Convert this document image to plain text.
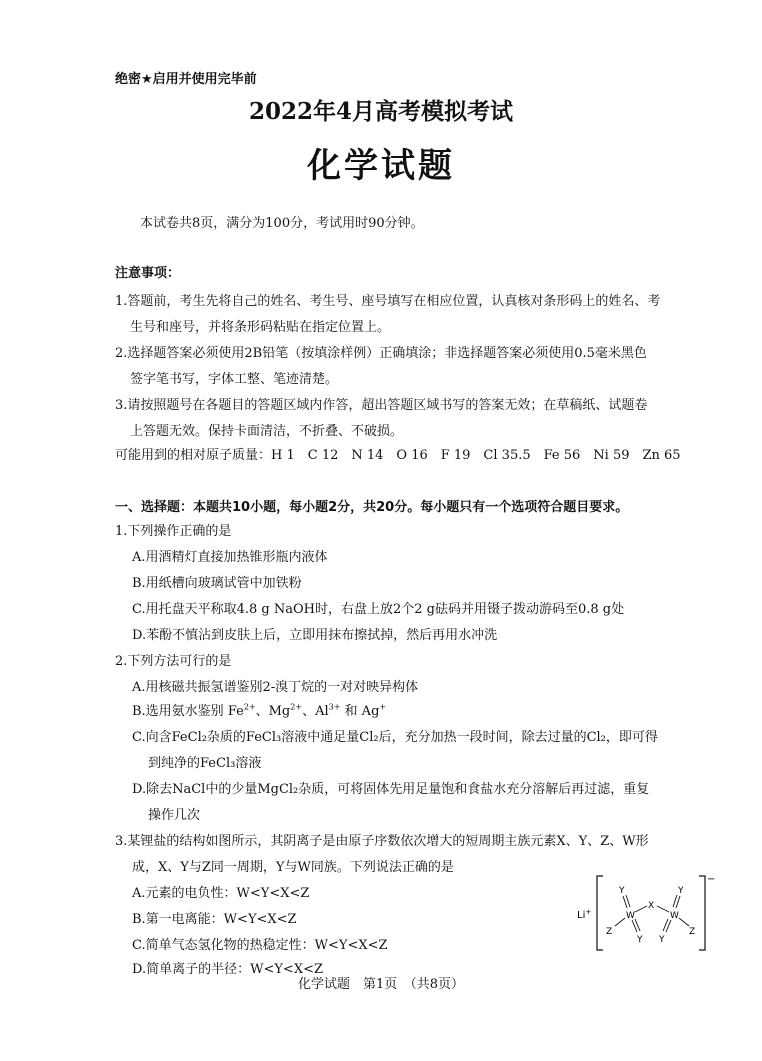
绝密★启用并使用完毕前
2022年4月高考模拟考试
化学试题
本试卷共8页，满分为100分，考试用时90分钟。
注意事项：
1.答题前，考生先将自己的姓名、考生号、座号填写在相应位置，认真核对条形码上的姓名、考
生号和座号，并将条形码粘贴在指定位置上。
2.选择题答案必须使用2B铅笔（按填涂样例）正确填涂；非选择题答案必须使用0.5毫米黑色
签字笔书写，字体工整、笔迹清楚。
3.请按照题号在各题目的答题区域内作答，超出答题区域书写的答案无效；在草稿纸、试题卷
上答题无效。保持卡面清洁，不折叠、不破损。
可能用到的相对原子质量：H 1　C 12　N 14　O 16　F 19　Cl 35.5　Fe 56　Ni 59　Zn 65
一、选择题：本题共10小题，每小题2分，共20分。每小题只有一个选项符合题目要求。
1.下列操作正确的是
A.用酒精灯直接加热锥形瓶内液体
B.用纸槽向玻璃试管中加铁粉
C.用托盘天平称取4.8 g NaOH时，右盘上放2个2 g砝码并用镊子拨动游码至0.8 g处
D.苯酚不慎沾到皮肤上后，立即用抹布擦拭掉，然后再用水冲洗
2.下列方法可行的是
A.用核磁共振氢谱鉴别2-溴丁烷的一对对映异构体
B.选用氨水鉴别 $Fe^{2+}$、$Mg^{2+}$、$Al^{3+}$ 和 Ag+
C.向含FeCl₂杂质的FeCl₃溶液中通足量Cl₂后，充分加热一段时间，除去过量的Cl₂，即可得
到纯净的FeCl₃溶液
D.除去NaCl中的少量MgCl₂杂质，可将固体先用足量饱和食盐水充分溶解后再过滤，重复
操作几次
3.某锂盐的结构如图所示，其阴离子是由原子序数依次增大的短周期主族元素X、Y、Z、W形
成，X、Y与Z同一周期，Y与W同族。下列说法正确的是
A.元素的电负性：W<Y<X<Z
B.第一电离能：W<Y<X<Z
C.简单气态氢化物的热稳定性：W<Y<X<Z
D.简单离子的半径：W<Y<X<Z
Li+
−
W
X
W
Y	Y
Y Y
Z	Z
化学试题　第1页　（共8页）
